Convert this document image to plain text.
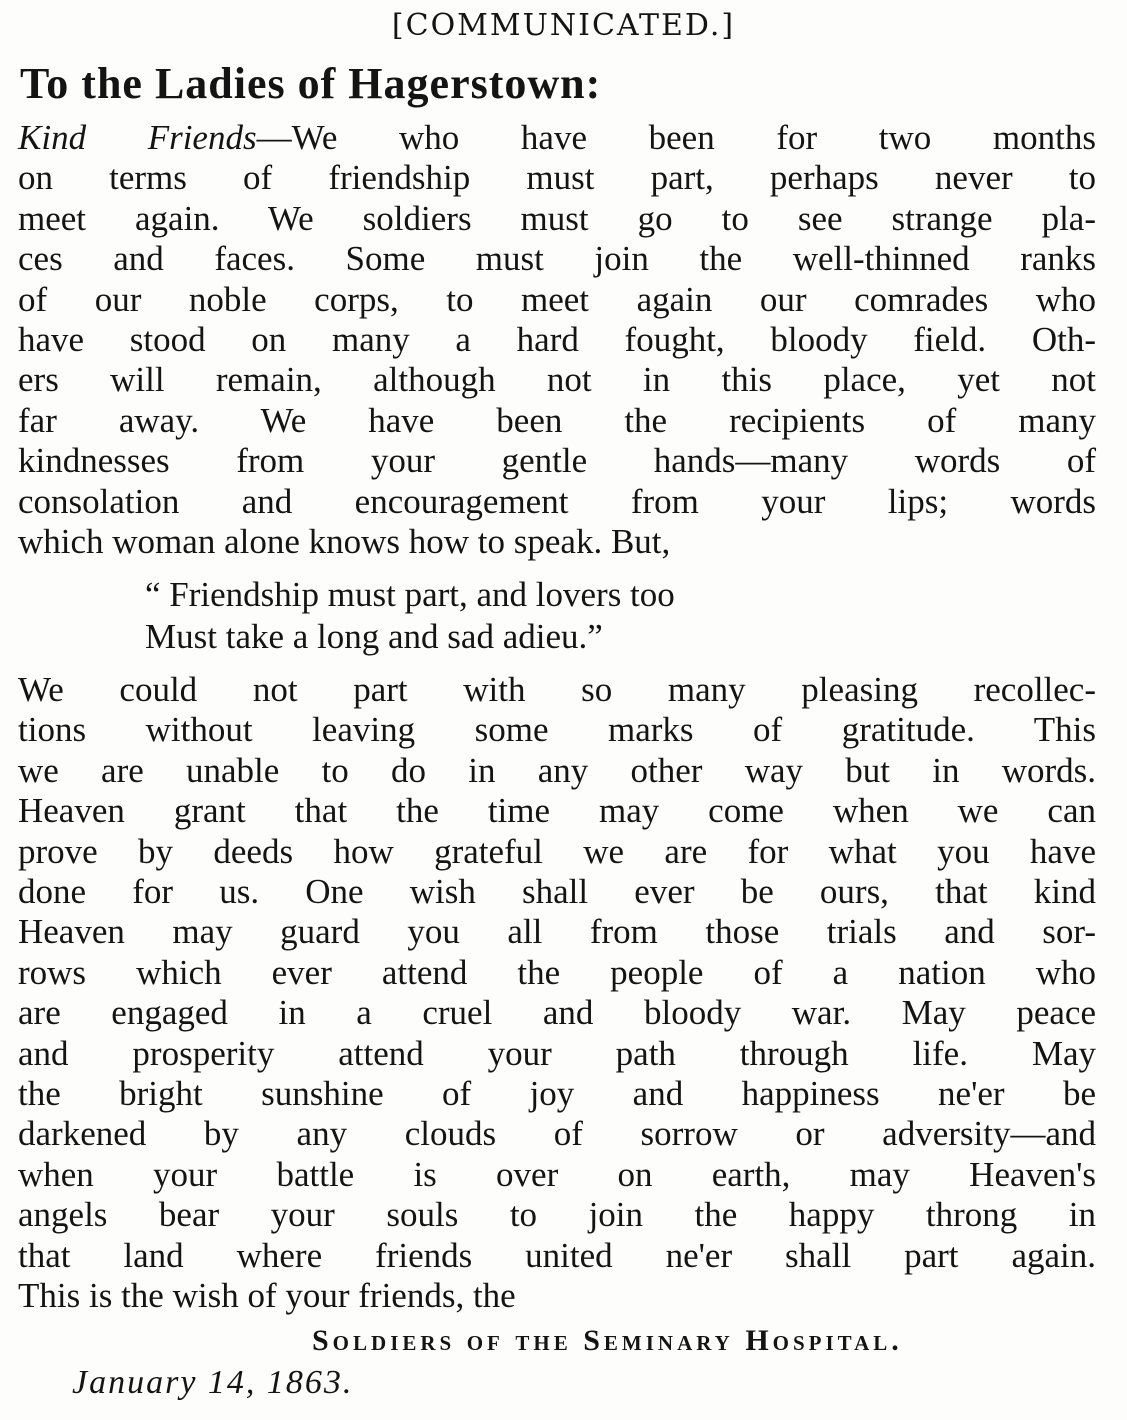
[COMMUNICATED.]
To the Ladies of Hagerstown:
Kind Friends—We who have been for two months
on terms of friendship must part, perhaps never to
meet again. We soldiers must go to see strange pla-
ces and faces. Some must join the well-thinned ranks
of our noble corps, to meet again our comrades who
have stood on many a hard fought, bloody field. Oth-
ers will remain, although not in this place, yet not
far away. We have been the recipients of many
kindnesses from your gentle hands—many words of
consolation and encouragement from your lips; words
which woman alone knows how to speak. But,
“ Friendship must part, and lovers too
Must take a long and sad adieu.”
We could not part with so many pleasing recollec-
tions without leaving some marks of gratitude. This
we are unable to do in any other way but in words.
Heaven grant that the time may come when we can
prove by deeds how grateful we are for what you have
done for us. One wish shall ever be ours, that kind
Heaven may guard you all from those trials and sor-
rows which ever attend the people of a nation who
are engaged in a cruel and bloody war. May peace
and prosperity attend your path through life. May
the bright sunshine of joy and happiness ne'er be
darkened by any clouds of sorrow or adversity—and
when your battle is over on earth, may Heaven's
angels bear your souls to join the happy throng in
that land where friends united ne'er shall part again.
This is the wish of your friends, the
Soldiers of the Seminary Hospital.
January 14, 1863.
